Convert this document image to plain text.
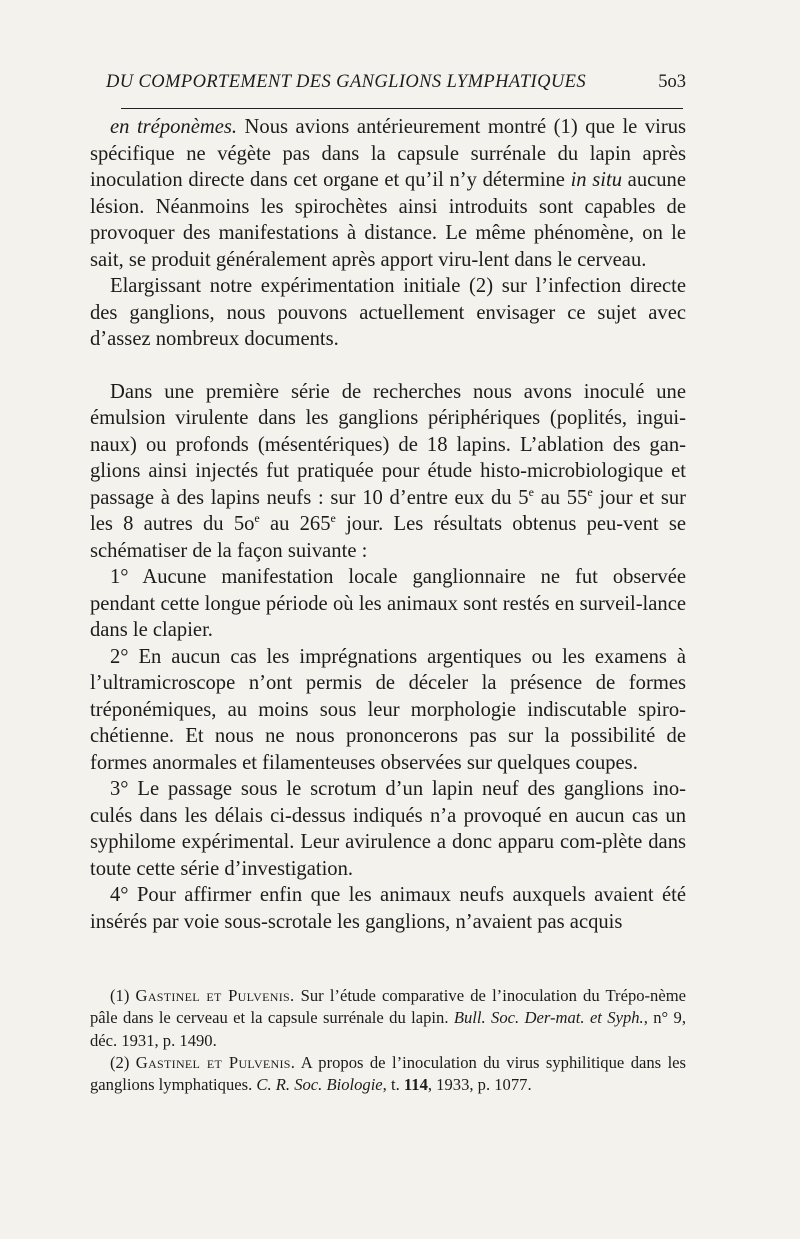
DU COMPORTEMENT DES GANGLIONS LYMPHATIQUES	5o3

en tréponèmes. Nous avions antérieurement montré (1) que le virus spécifique ne végète pas dans la capsule surrénale du lapin après inoculation directe dans cet organe et qu’il n’y détermine in situ aucune lésion. Néanmoins les spirochètes ainsi introduits sont capables de provoquer des manifestations à distance. Le même phénomène, on le sait, se produit généralement après apport viru-lent dans le cerveau.

Elargissant notre expérimentation initiale (2) sur l’infection directe des ganglions, nous pouvons actuellement envisager ce sujet avec d’assez nombreux documents.

Dans une première série de recherches nous avons inoculé une émulsion virulente dans les ganglions périphériques (poplités, ingui-naux) ou profonds (mésentériques) de 18 lapins. L’ablation des gan-glions ainsi injectés fut pratiquée pour étude histo-microbiologique et passage à des lapins neufs : sur 10 d’entre eux du 5e au 55e jour et sur les 8 autres du $5o^e$ au 265e jour. Les résultats obtenus peu-vent se schématiser de la façon suivante :

1° Aucune manifestation locale ganglionnaire ne fut observée pendant cette longue période où les animaux sont restés en surveil-lance dans le clapier.

2° En aucun cas les imprégnations argentiques ou les examens à l’ultramicroscope n’ont permis de déceler la présence de formes tréponémiques, au moins sous leur morphologie indiscutable spiro-chétienne. Et nous ne nous prononcerons pas sur la possibilité de formes anormales et filamenteuses observées sur quelques coupes.

3° Le passage sous le scrotum d’un lapin neuf des ganglions ino-culés dans les délais ci-dessus indiqués n’a provoqué en aucun cas un syphilome expérimental. Leur avirulence a donc apparu com-plète dans toute cette série d’investigation.

4° Pour affirmer enfin que les animaux neufs auxquels avaient été insérés par voie sous-scrotale les ganglions, n’avaient pas acquis

(1) Gastinel et Pulvenis. Sur l’étude comparative de l’inoculation du Trépo-nème pâle dans le cerveau et la capsule surrénale du lapin. Bull. Soc. Der-mat. et Syph., n° 9, déc. 1931, p. 1490.

(2) Gastinel et Pulvenis. A propos de l’inoculation du virus syphilitique dans les ganglions lymphatiques. C. R. Soc. Biologie, t. 114, 1933, p. 1077.
